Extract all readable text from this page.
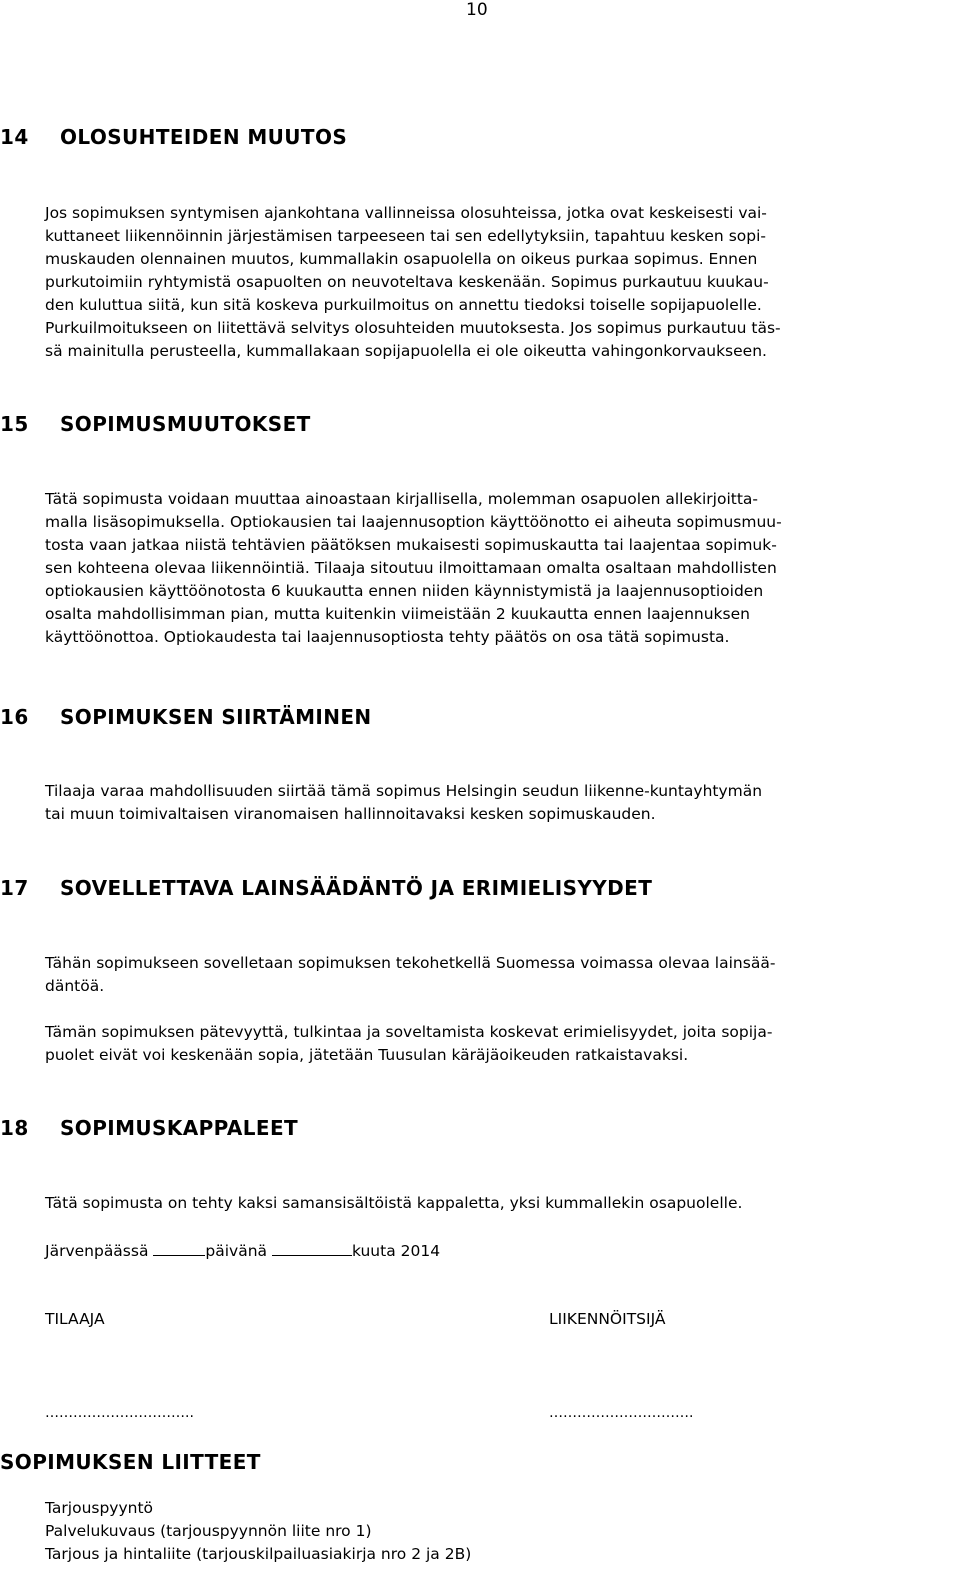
10
14 OLOSUHTEIDEN MUUTOS
Jos sopimuksen syntymisen ajankohtana vallinneissa olosuhteissa, jotka ovat keskeisesti vai-
kuttaneet liikennöinnin järjestämisen tarpeeseen tai sen edellytyksiin, tapahtuu kesken sopi-
muskauden olennainen muutos, kummallakin osapuolella on oikeus purkaa sopimus. Ennen
purkutoimiin ryhtymistä osapuolten on neuvoteltava keskenään. Sopimus purkautuu kuukau-
den kuluttua siitä, kun sitä koskeva purkuilmoitus on annettu tiedoksi toiselle sopijapuolelle.
Purkuilmoitukseen on liitettävä selvitys olosuhteiden muutoksesta. Jos sopimus purkautuu täs-
sä mainitulla perusteella, kummallakaan sopijapuolella ei ole oikeutta vahingonkorvaukseen.
15 SOPIMUSMUUTOKSET
Tätä sopimusta voidaan muuttaa ainoastaan kirjallisella, molemman osapuolen allekirjoitta-
malla lisäsopimuksella. Optiokausien tai laajennusoption käyttöönotto ei aiheuta sopimusmuu-
tosta vaan jatkaa niistä tehtävien päätöksen mukaisesti sopimuskautta tai laajentaa sopimuk-
sen kohteena olevaa liikennöintiä. Tilaaja sitoutuu ilmoittamaan omalta osaltaan mahdollisten
optiokausien käyttöönotosta 6 kuukautta ennen niiden käynnistymistä ja laajennusoptioiden
osalta mahdollisimman pian, mutta kuitenkin viimeistään 2 kuukautta ennen laajennuksen
käyttöönottoa. Optiokaudesta tai laajennusoptiosta tehty päätös on osa tätä sopimusta.
16 SOPIMUKSEN SIIRTÄMINEN
Tilaaja varaa mahdollisuuden siirtää tämä sopimus Helsingin seudun liikenne-kuntayhtymän
tai muun toimivaltaisen viranomaisen hallinnoitavaksi kesken sopimuskauden.
17 SOVELLETTAVA LAINSÄÄDÄNTÖ JA ERIMIELISYYDET
Tähän sopimukseen sovelletaan sopimuksen tekohetkellä Suomessa voimassa olevaa lainsää-
däntöä.
Tämän sopimuksen pätevyyttä, tulkintaa ja soveltamista koskevat erimielisyydet, joita sopija-
puolet eivät voi keskenään sopia, jätetään Tuusulan käräjäoikeuden ratkaistavaksi.
18 SOPIMUSKAPPALEET
Tätä sopimusta on tehty kaksi samansisältöistä kappaletta, yksi kummallekin osapuolelle.
Järvenpäässä	päivänä	kuuta 2014
TILAAJA	LIIKENNÖITSIJÄ
…………………………..	………………………….
SOPIMUKSEN LIITTEET
Tarjouspyyntö
Palvelukuvaus (tarjouspyynnön liite nro 1)
Tarjous ja hintaliite (tarjouskilpailuasiakirja nro 2 ja 2B)
